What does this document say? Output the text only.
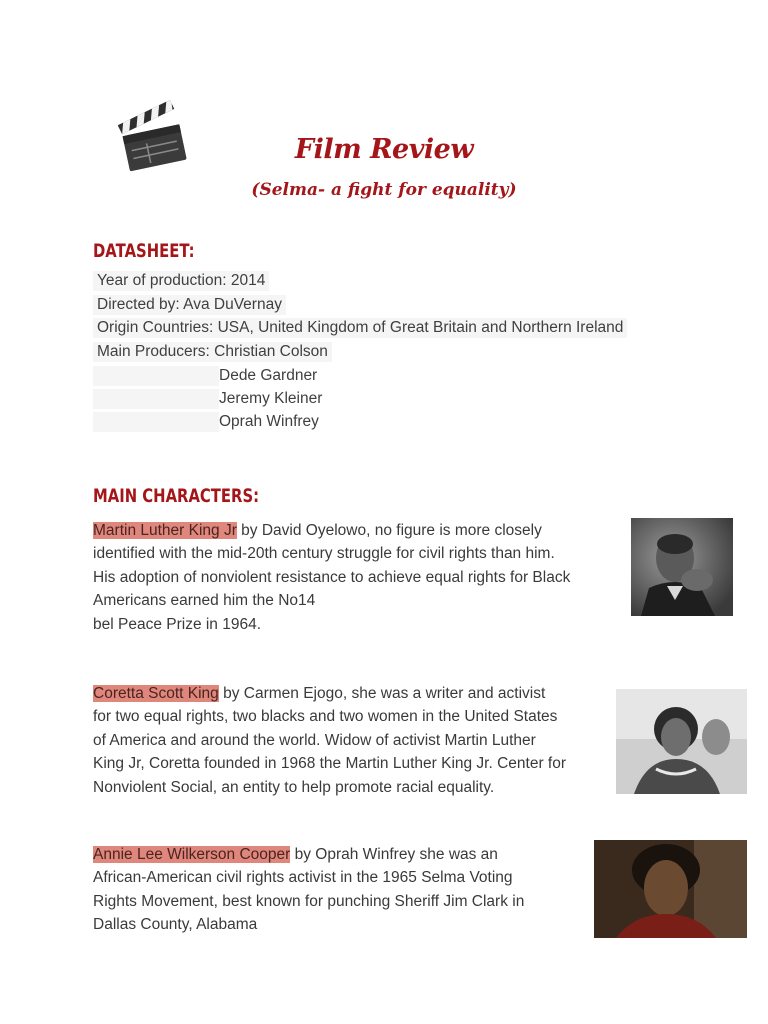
Film Review
(Selma- a fight for equality)
DATASHEET:
Year of production: 2014
Directed by: Ava DuVernay
Origin Countries: USA, United Kingdom of Great Britain and Northern Ireland
Main Producers: Christian Colson
Dede Gardner
Jeremy Kleiner
Oprah Winfrey
MAIN CHARACTERS:
Martin Luther King Jr by David Oyelowo, no figure is more closely
identified with the mid-20th century struggle for civil rights than him.
His adoption of nonviolent resistance to achieve equal rights for Black
Americans earned him the No14
bel Peace Prize in 1964.
Coretta Scott King by Carmen Ejogo, she was a writer and activist
for two equal rights, two blacks and two women in the United States
of America and around the world. Widow of activist Martin Luther
King Jr, Coretta founded in 1968 the Martin Luther King Jr. Center for
Nonviolent Social, an entity to help promote racial equality.
Annie Lee Wilkerson Cooper by Oprah Winfrey she was an
African-American civil rights activist in the 1965 Selma Voting
Rights Movement, best known for punching Sheriff Jim Clark in
Dallas County, Alabama
